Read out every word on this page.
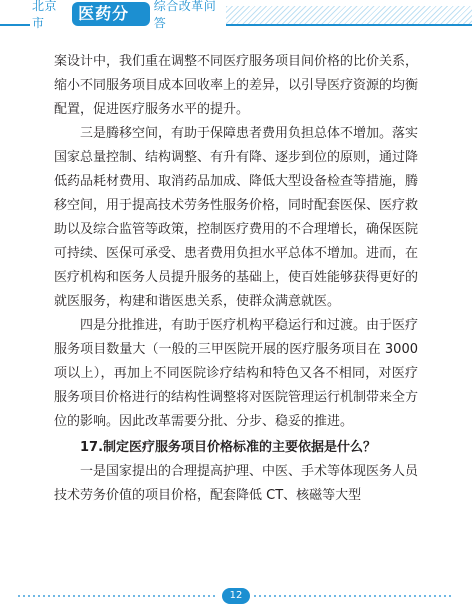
北京市	医药分开
综合改革问答

案设计中，我们重在调整不同医疗服务项目间价格的比价关系，缩小不同服务项目成本回收率上的差异，以引导医疗资源的均衡配置，促进医疗服务水平的提升。

三是腾移空间，有助于保障患者费用负担总体不增加。落实国家总量控制、结构调整、有升有降、逐步到位的原则，通过降低药品耗材费用、取消药品加成、降低大型设备检查等措施，腾移空间，用于提高技术劳务性服务价格，同时配套医保、医疗救助以及综合监管等政策，控制医疗费用的不合理增长，确保医院可持续、医保可承受、患者费用负担水平总体不增加。进而，在医疗机构和医务人员提升服务的基础上，使百姓能够获得更好的就医服务，构建和谐医患关系，使群众满意就医。

四是分批推进，有助于医疗机构平稳运行和过渡。由于医疗服务项目数量大（一般的三甲医院开展的医疗服务项目在 3000 项以上），再加上不同医院诊疗结构和特色又各不相同，对医疗服务项目价格进行的结构性调整将对医院管理运行机制带来全方位的影响。因此改革需要分批、分步、稳妥的推进。

17.制定医疗服务项目价格标准的主要依据是什么？

一是国家提出的合理提高护理、中医、手术等体现医务人员技术劳务价值的项目价格，配套降低 CT、核磁等大型

12
